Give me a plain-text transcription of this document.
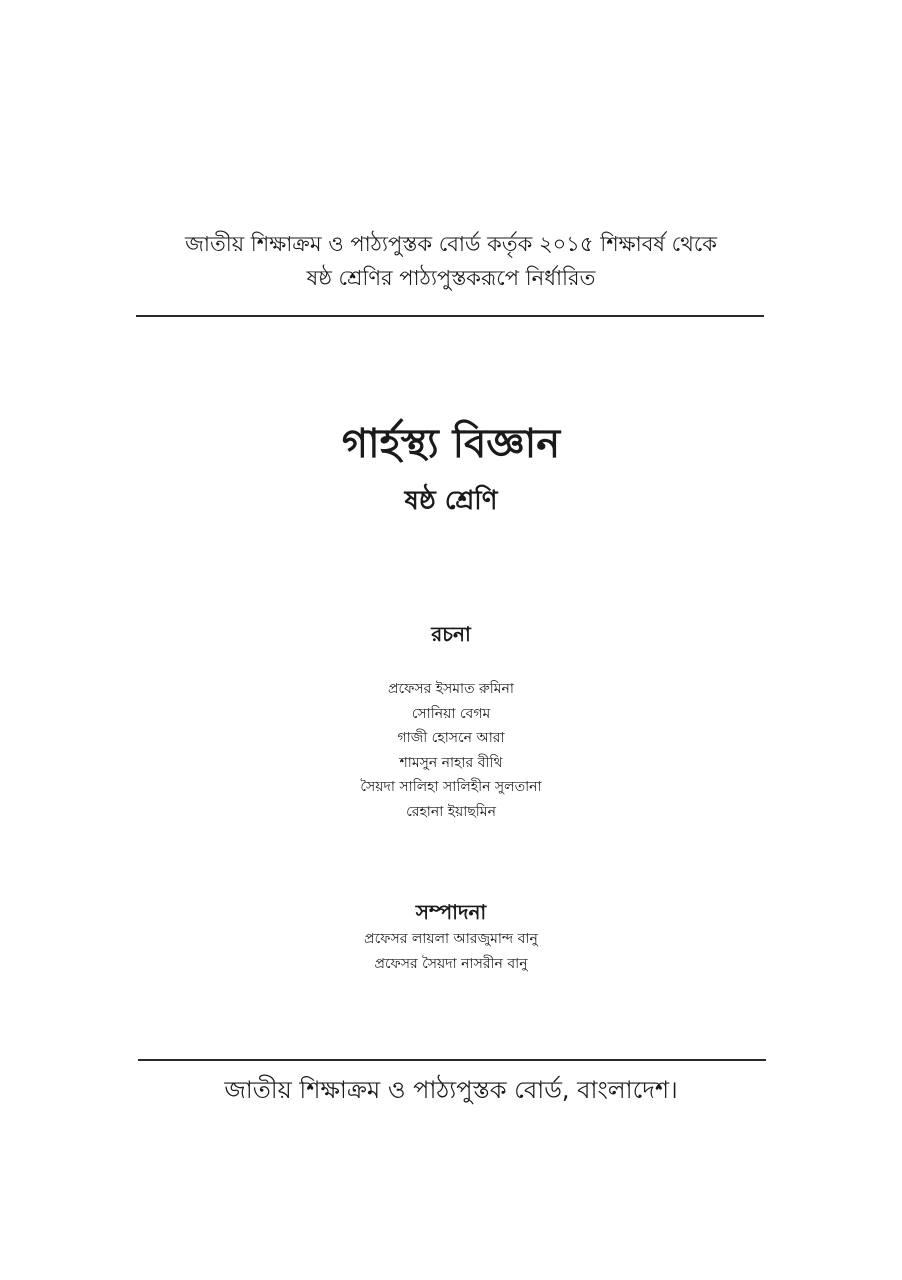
জাতীয় শিক্ষাক্রম ও পাঠ্যপুস্তক বোর্ড কর্তৃক ২০১৫ শিক্ষাবর্ষ থেকে
ষষ্ঠ শ্রেণির পাঠ্যপুস্তকরূপে নির্ধারিত
গার্হস্থ্য বিজ্ঞান
ষষ্ঠ শ্রেণি
রচনা
প্রফেসর ইসমাত রুমিনা
সোনিয়া বেগম
গাজী হোসনে আরা
শামসুন নাহার বীথি
সৈয়দা সালিহা সালিহীন সুলতানা
রেহানা ইয়াছমিন
সম্পাদনা
প্রফেসর লায়লা আরজুমান্দ বানু
প্রফেসর সৈয়দা নাসরীন বানু
জাতীয় শিক্ষাক্রম ও পাঠ্যপুস্তক বোর্ড, বাংলাদেশ।
